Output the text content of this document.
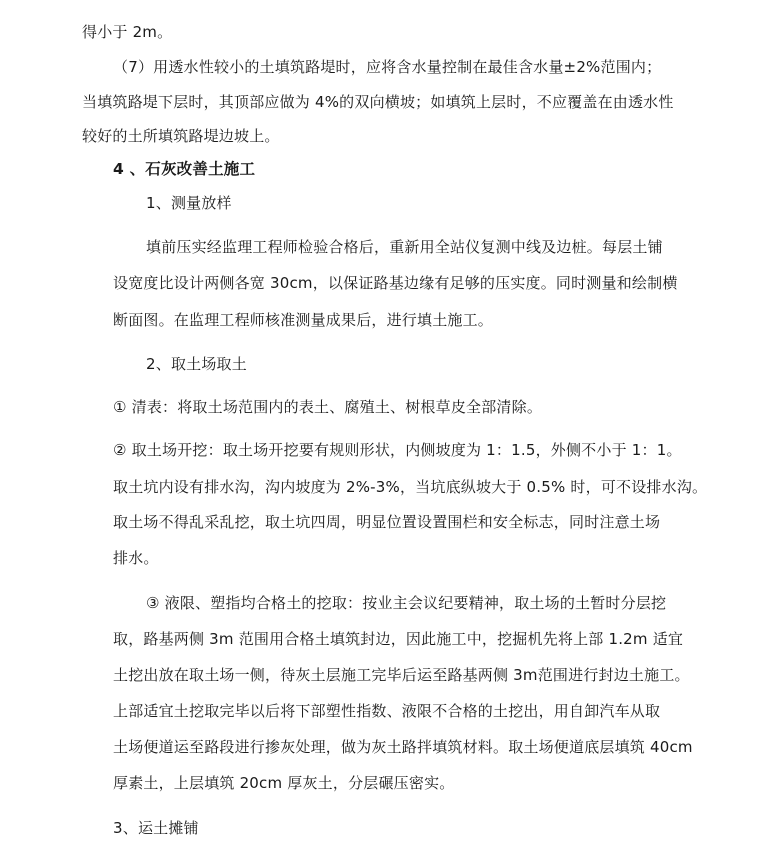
得小于 2m。
（7）用透水性较小的土填筑路堤时，应将含水量控制在最佳含水量±2%范围内；
当填筑路堤下层时，其顶部应做为 4%的双向横坡；如填筑上层时，不应覆盖在由透水性
较好的土所填筑路堤边坡上。
4 、石灰改善土施工
1、测量放样
填前压实经监理工程师检验合格后，重新用全站仪复测中线及边桩。每层土铺
设宽度比设计两侧各宽 30cm，以保证路基边缘有足够的压实度。同时测量和绘制横
断面图。在监理工程师核准测量成果后，进行填土施工。
2、取土场取土
① 清表：将取土场范围内的表土、腐殖土、树根草皮全部清除。
② 取土场开挖：取土场开挖要有规则形状，内侧坡度为 1：1.5，外侧不小于 1：1。
取土坑内设有排水沟，沟内坡度为 2%-3%，当坑底纵坡大于 0.5% 时，可不设排水沟。
取土场不得乱采乱挖，取土坑四周，明显位置设置围栏和安全标志，同时注意土场
排水。
③ 液限、塑指均合格土的挖取：按业主会议纪要精神，取土场的土暂时分层挖
取，路基两侧 3m 范围用合格土填筑封边，因此施工中，挖掘机先将上部 1.2m 适宜
土挖出放在取土场一侧，待灰土层施工完毕后运至路基两侧 3m范围进行封边土施工。
上部适宜土挖取完毕以后将下部塑性指数、液限不合格的土挖出，用自卸汽车从取
土场便道运至路段进行掺灰处理，做为灰土路拌填筑材料。取土场便道底层填筑 40cm
厚素土，上层填筑 20cm 厚灰土，分层碾压密实。
3、运土摊铺
